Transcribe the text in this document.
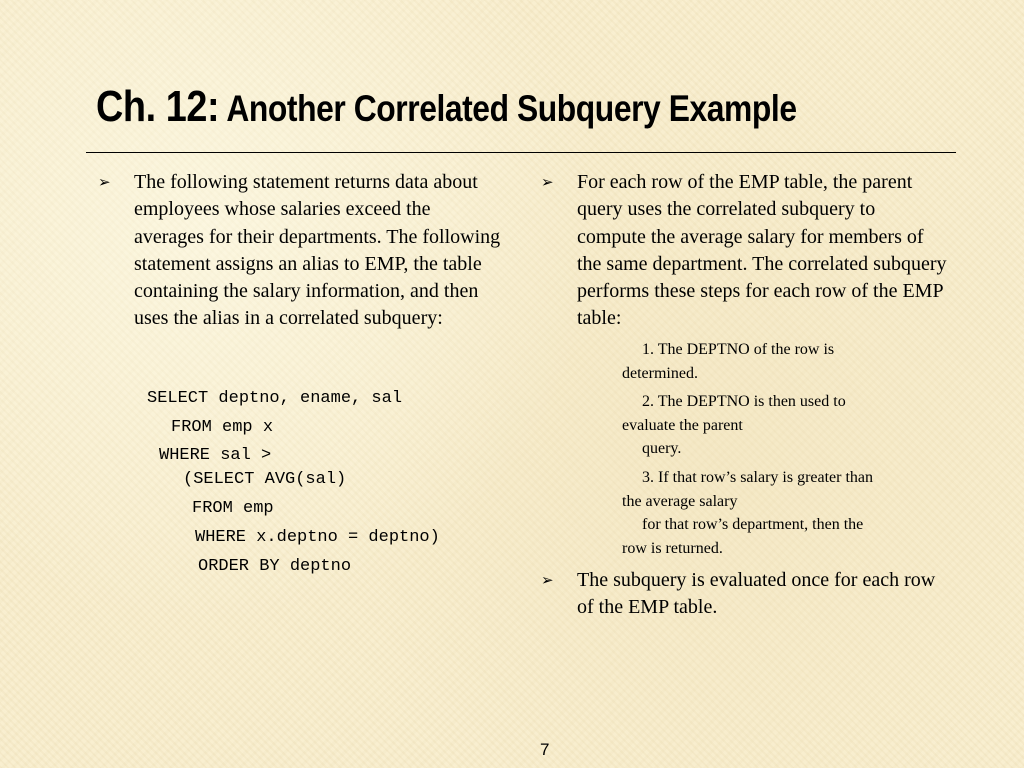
Ch. 12: Another Correlated Subquery Example
➢ The following statement returns data about employees whose salaries exceed the averages for their departments. The following statement assigns an alias to EMP, the table containing the salary information, and then uses the alias in a correlated subquery:
SELECT deptno, ename, sal
FROM emp x
WHERE sal >
(SELECT AVG(sal)
FROM emp
WHERE x.deptno = deptno)
ORDER BY deptno
➢ For each row of the EMP table, the parent query uses the correlated subquery to compute the average salary for members of the same department. The correlated subquery performs these steps for each row of the EMP table:
1. The DEPTNO of the row is
determined.
2. The DEPTNO is then used to
evaluate the parent
query.
3. If that row’s salary is greater than
the average salary
for that row’s department, then the
row is returned.
➢ The subquery is evaluated once for each row of the EMP table.
7
